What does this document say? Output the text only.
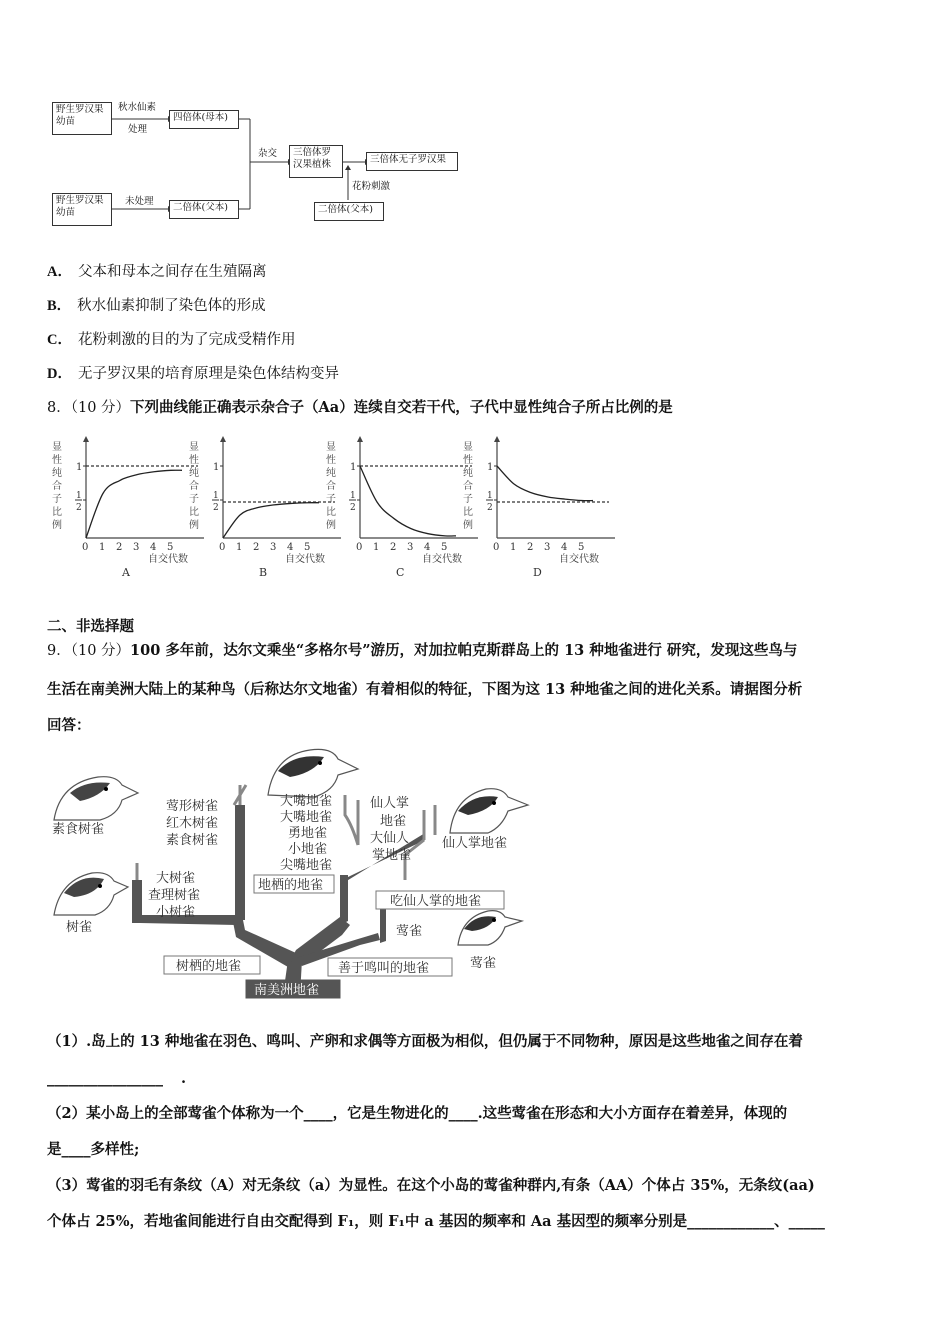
野生罗汉果
幼苗
秋水仙素
处理
四倍体(母本)
杂交 三倍体罗
汉果植株	三倍体无子罗汉果
花粉刺激
二倍体(父本)
野生罗汉果
幼苗
未处理
二倍体(父本)
A． 父本和母本之间存在生殖隔离
B． 秋水仙素抑制了染色体的形成
C． 花粉刺激的目的为了完成受精作用
D． 无子罗汉果的培育原理是染色体结构变异
8．（10 分）下列曲线能正确表示杂合子（Aa）连续自交若干代，子代中显性纯合子所占比例的是
显
性
纯
合
子
比
例
1
1
2
0 1 2 3 4 5
自交代数
A
显
性
纯
合
子
比
例
1
1
2
0 1 2 3 4 5
自交代数
B
显
性
纯
合
子
比
例
1
1
2
0 1 2 3 4 5
自交代数
C
显
性
纯
合
子
比
例
1
1
2
0 1 2 3 4 5
自交代数
D
二、非选择题
9．（10 分）100 多年前，达尔文乘坐“多格尔号”游历，对加拉帕克斯群岛上的 13 种地雀进行 研究，发现这些鸟与
生活在南美洲大陆上的某种鸟（后称达尔文地雀）有着相似的特征，下图为这 13 种地雀之间的进化关系。请据图分析
回答：
素食树雀
树雀
仙人掌地雀
莺雀
莺雀
莺形树雀
红木树雀
素食树雀
大树雀
查理树雀
小树雀
大嘴地雀
大嘴地雀
勇地雀
小地雀
尖嘴地雀
仙人掌
地雀
大仙人
掌地雀
地栖的地雀
吃仙人掌的地雀
树栖的地雀	善于鸣叫的地雀
南美洲地雀
（1）.岛上的 13 种地雀在羽色、鸣叫、产卵和求偶等方面极为相似，但仍属于不同物种，原因是这些地雀之间存在着
________________ .
（2）某小岛上的全部莺雀个体称为一个____，它是生物进化的____.这些莺雀在形态和大小方面存在着差异，体现的
是____多样性;
（3）莺雀的羽毛有条纹（A）对无条纹（a）为显性。在这个小岛的莺雀种群内,有条（AA）个体占 35%，无条纹(aa)
个体占 25%，若地雀间能进行自由交配得到 F₁，则 F₁中 a 基因的频率和 Aa 基因型的频率分别是____________、_____
